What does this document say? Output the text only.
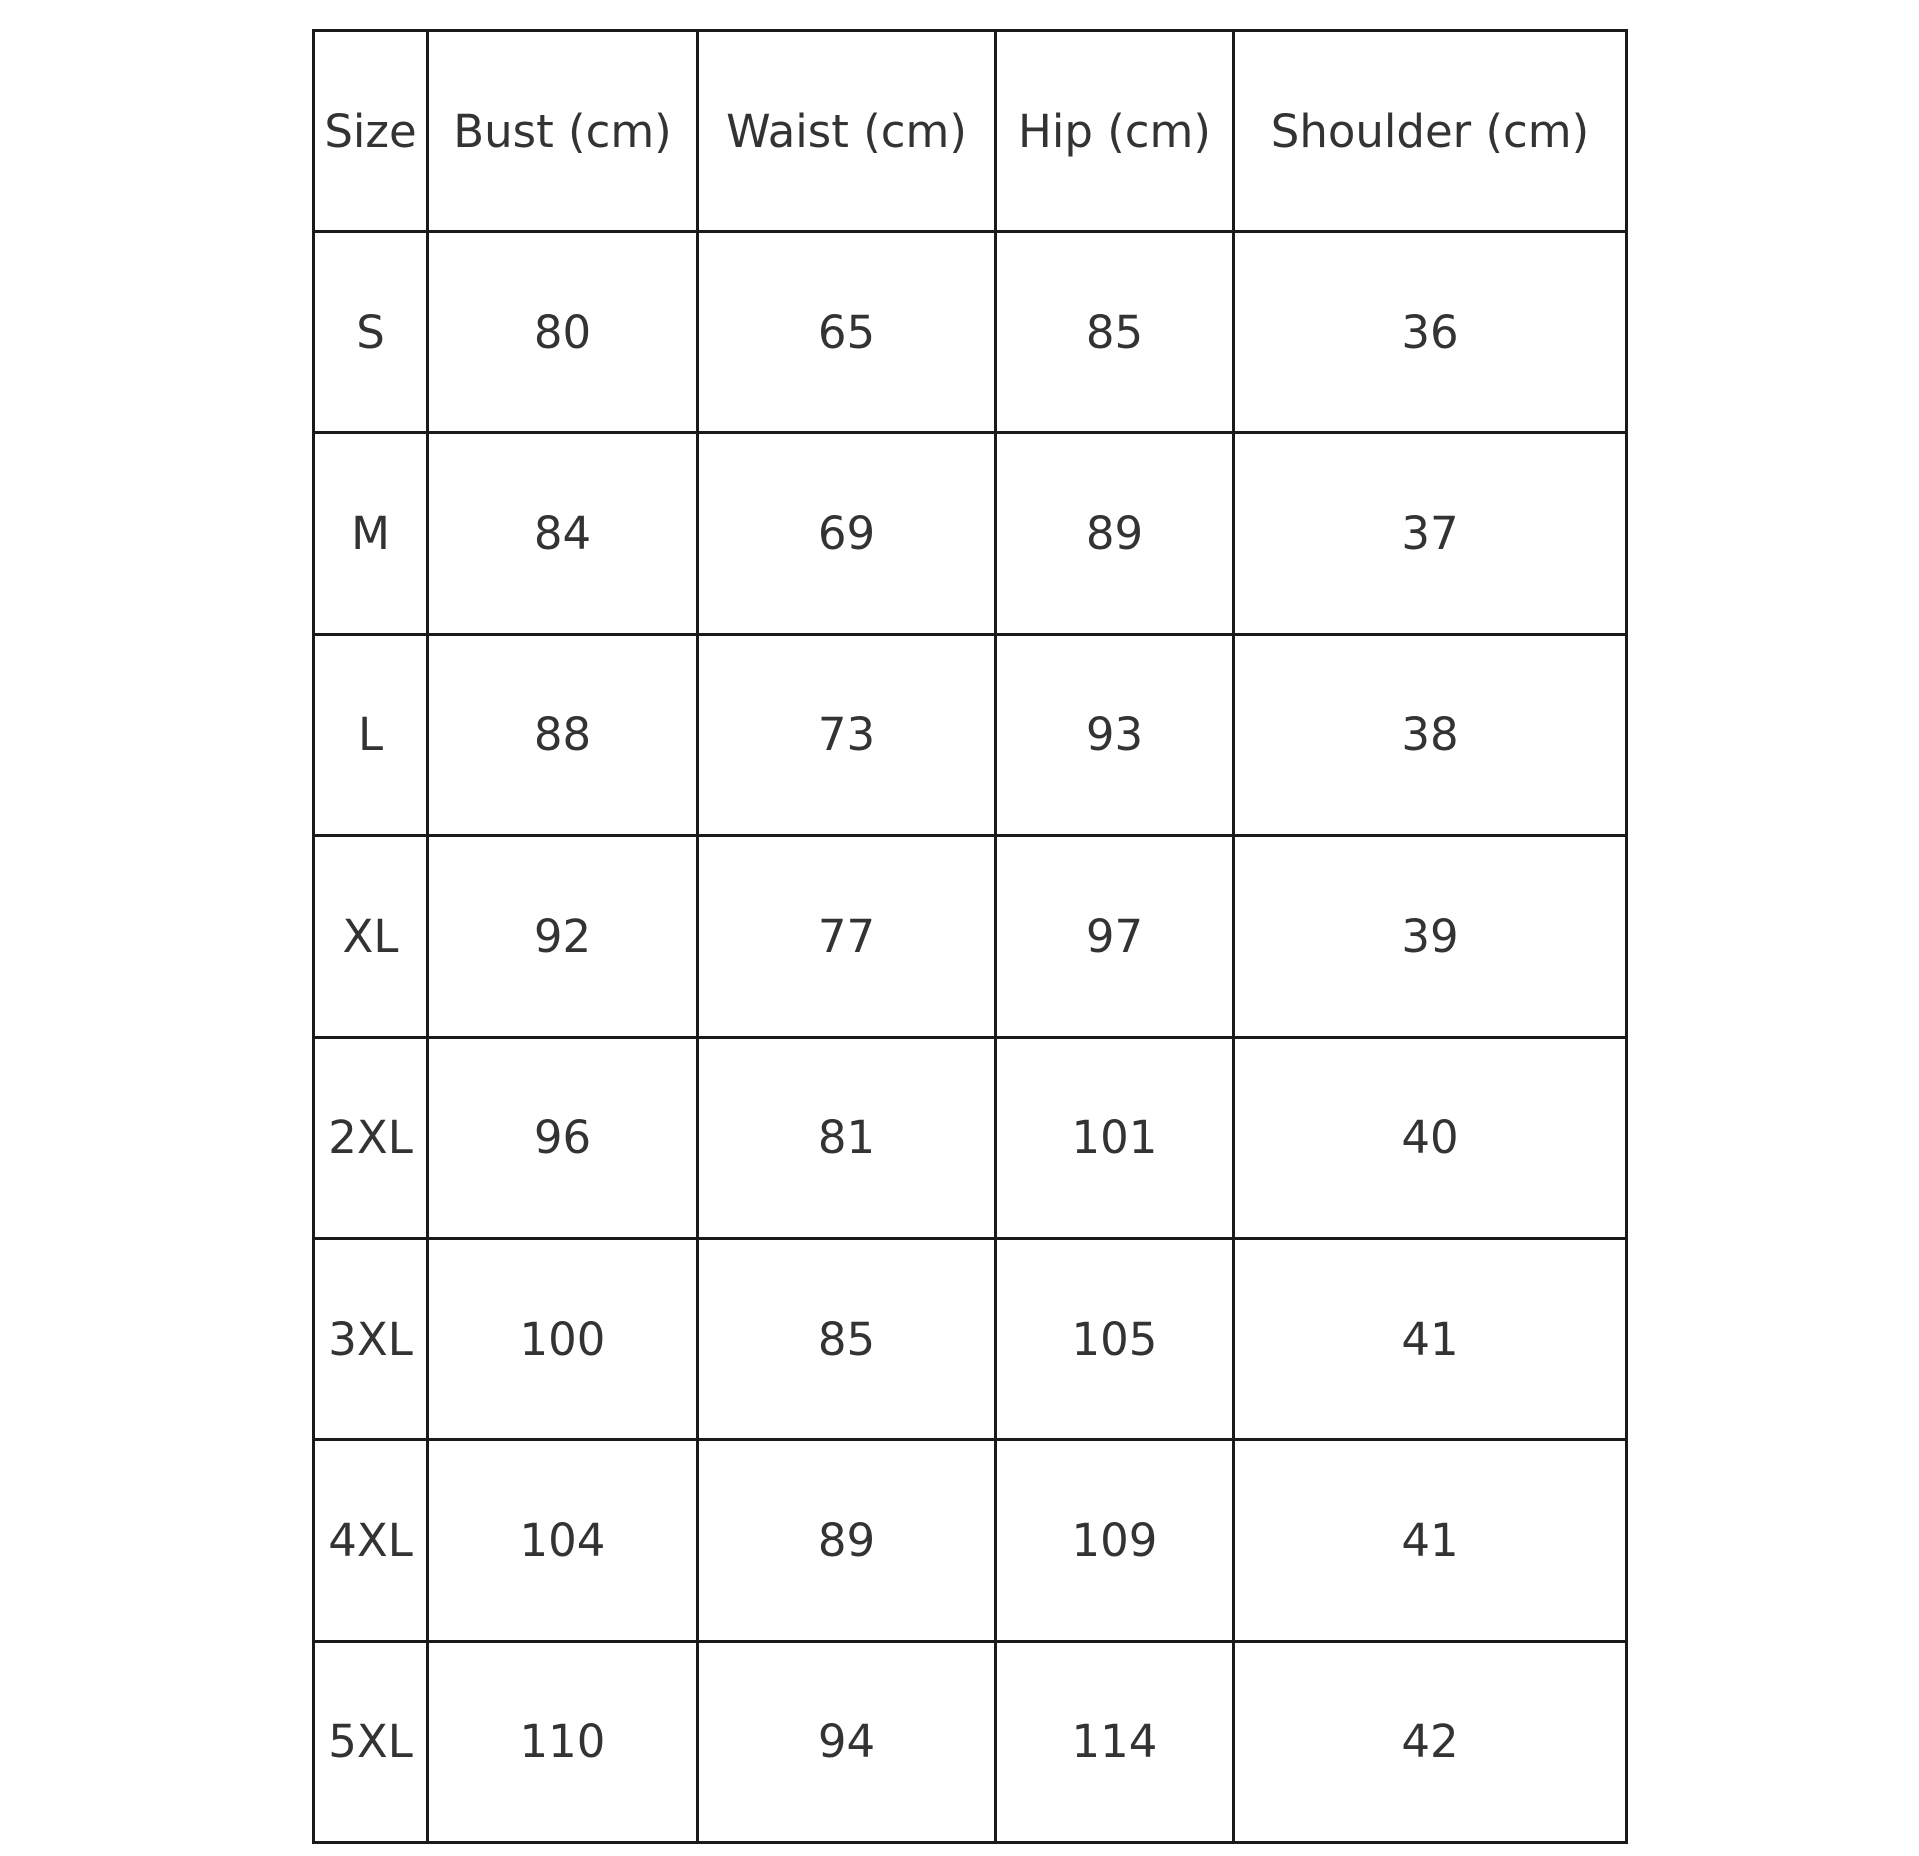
Size	Bust (cm)	Waist (cm)	Hip (cm)	Shoulder (cm)
S	80	65	85	36
M	84	69	89	37
L	88	73	93	38
XL	92	77	97	39
2XL	96	81	101	40
3XL	100	85	105	41
4XL	104	89	109	41
5XL	110	94	114	42
